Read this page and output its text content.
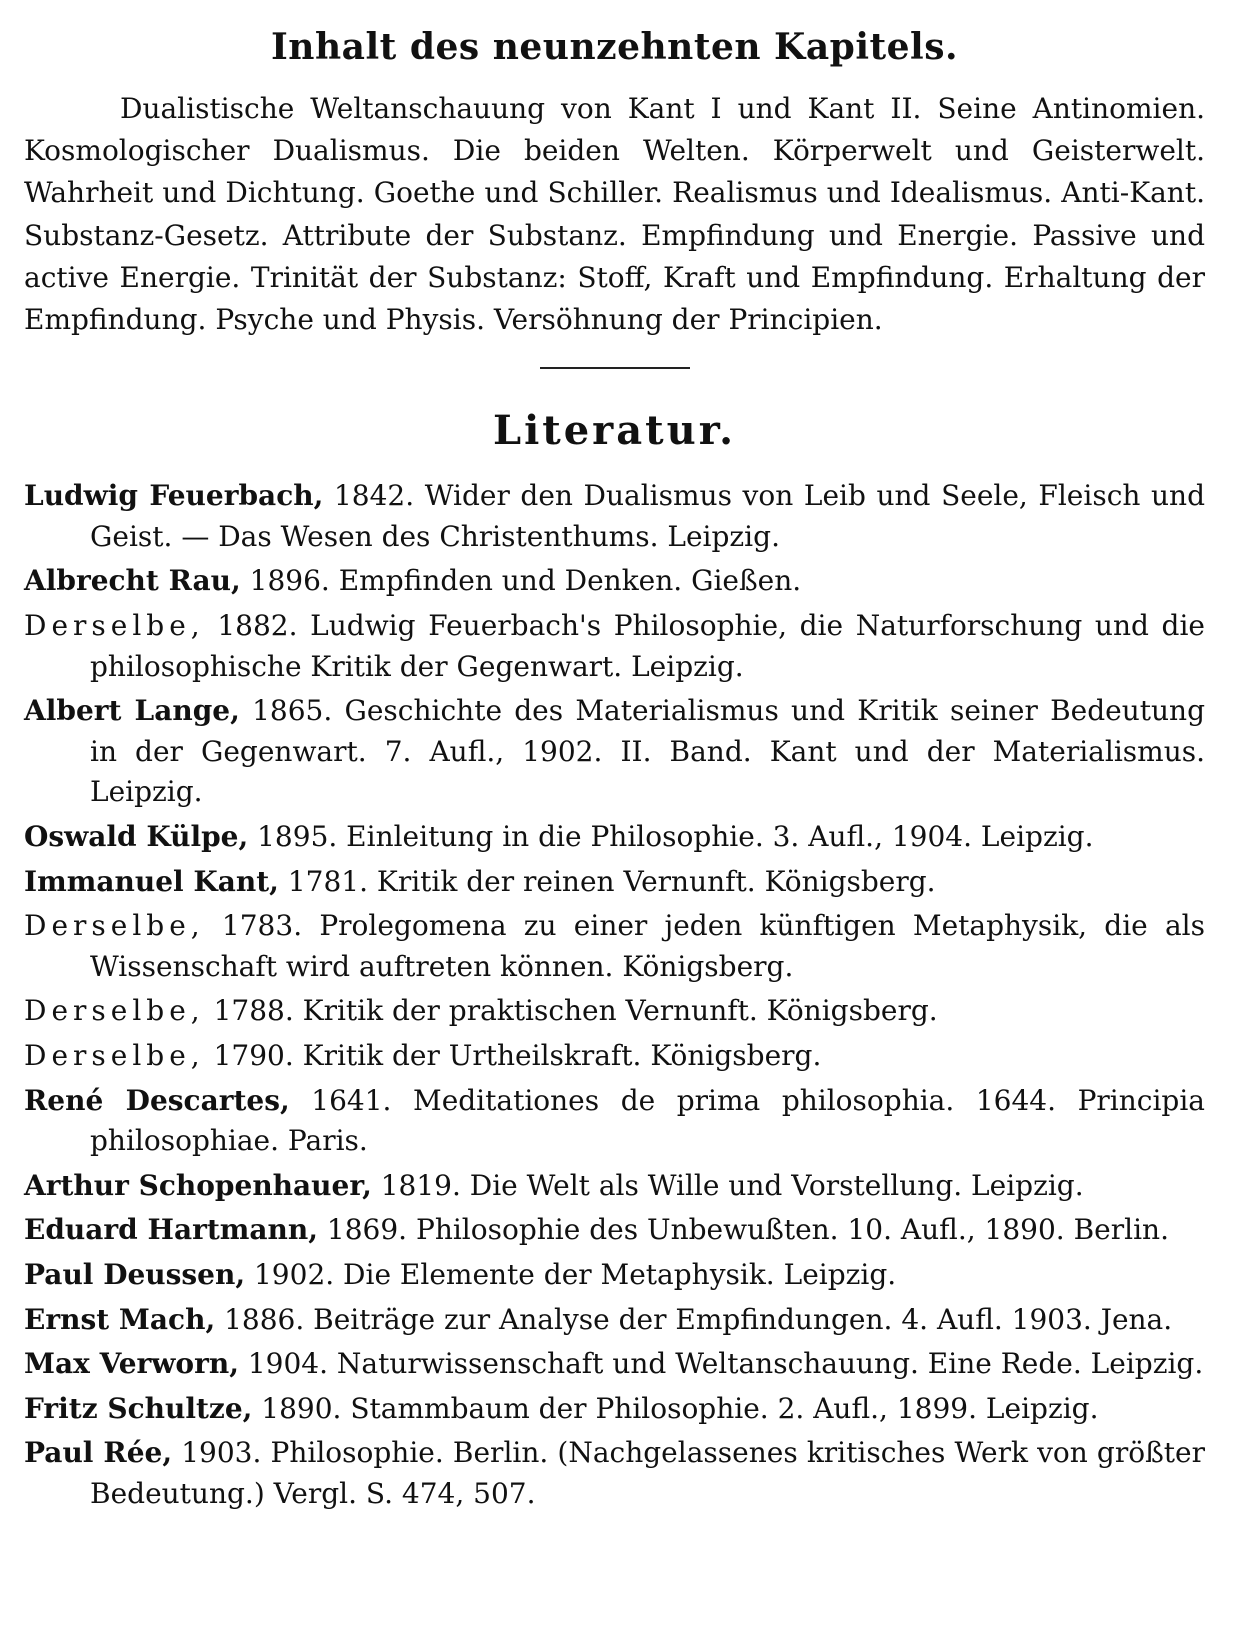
Inhalt des neunzehnten Kapitels.

Dualistische Weltanschauung von Kant I und Kant II. Seine Antinomien. Kosmologischer Dualismus. Die beiden Welten. Körperwelt und Geisterwelt. Wahrheit und Dichtung. Goethe und Schiller. Realismus und Idealismus. Anti-Kant. Substanz-Gesetz. Attribute der Substanz. Empfindung und Energie. Passive und active Energie. Trinität der Substanz: Stoff, Kraft und Empfindung. Erhaltung der Empfindung. Psyche und Physis. Versöhnung der Principien.

Literatur.
Ludwig Feuerbach, 1842. Wider den Dualismus von Leib und Seele, Fleisch und Geist. — Das Wesen des Christenthums. Leipzig.
Albrecht Rau, 1896. Empfinden und Denken. Gießen.
Derselbe, 1882. Ludwig Feuerbach's Philosophie, die Naturforschung und die philosophische Kritik der Gegenwart. Leipzig.
Albert Lange, 1865. Geschichte des Materialismus und Kritik seiner Bedeutung in der Gegenwart. 7. Aufl., 1902. II. Band. Kant und der Materialismus. Leipzig.
Oswald Külpe, 1895. Einleitung in die Philosophie. 3. Aufl., 1904. Leipzig.
Immanuel Kant, 1781. Kritik der reinen Vernunft. Königsberg.
Derselbe, 1783. Prolegomena zu einer jeden künftigen Metaphysik, die als Wissenschaft wird auftreten können. Königsberg.
Derselbe, 1788. Kritik der praktischen Vernunft. Königsberg.
Derselbe, 1790. Kritik der Urtheilskraft. Königsberg.
René Descartes, 1641. Meditationes de prima philosophia. 1644. Principia philosophiae. Paris.
Arthur Schopenhauer, 1819. Die Welt als Wille und Vorstellung. Leipzig.
Eduard Hartmann, 1869. Philosophie des Unbewußten. 10. Aufl., 1890. Berlin.
Paul Deussen, 1902. Die Elemente der Metaphysik. Leipzig.
Ernst Mach, 1886. Beiträge zur Analyse der Empfindungen. 4. Aufl. 1903. Jena.
Max Verworn, 1904. Naturwissenschaft und Weltanschauung. Eine Rede. Leipzig.
Fritz Schultze, 1890. Stammbaum der Philosophie. 2. Aufl., 1899. Leipzig.
Paul Rée, 1903. Philosophie. Berlin. (Nachgelassenes kritisches Werk von größter Bedeutung.) Vergl. S. 474, 507.
